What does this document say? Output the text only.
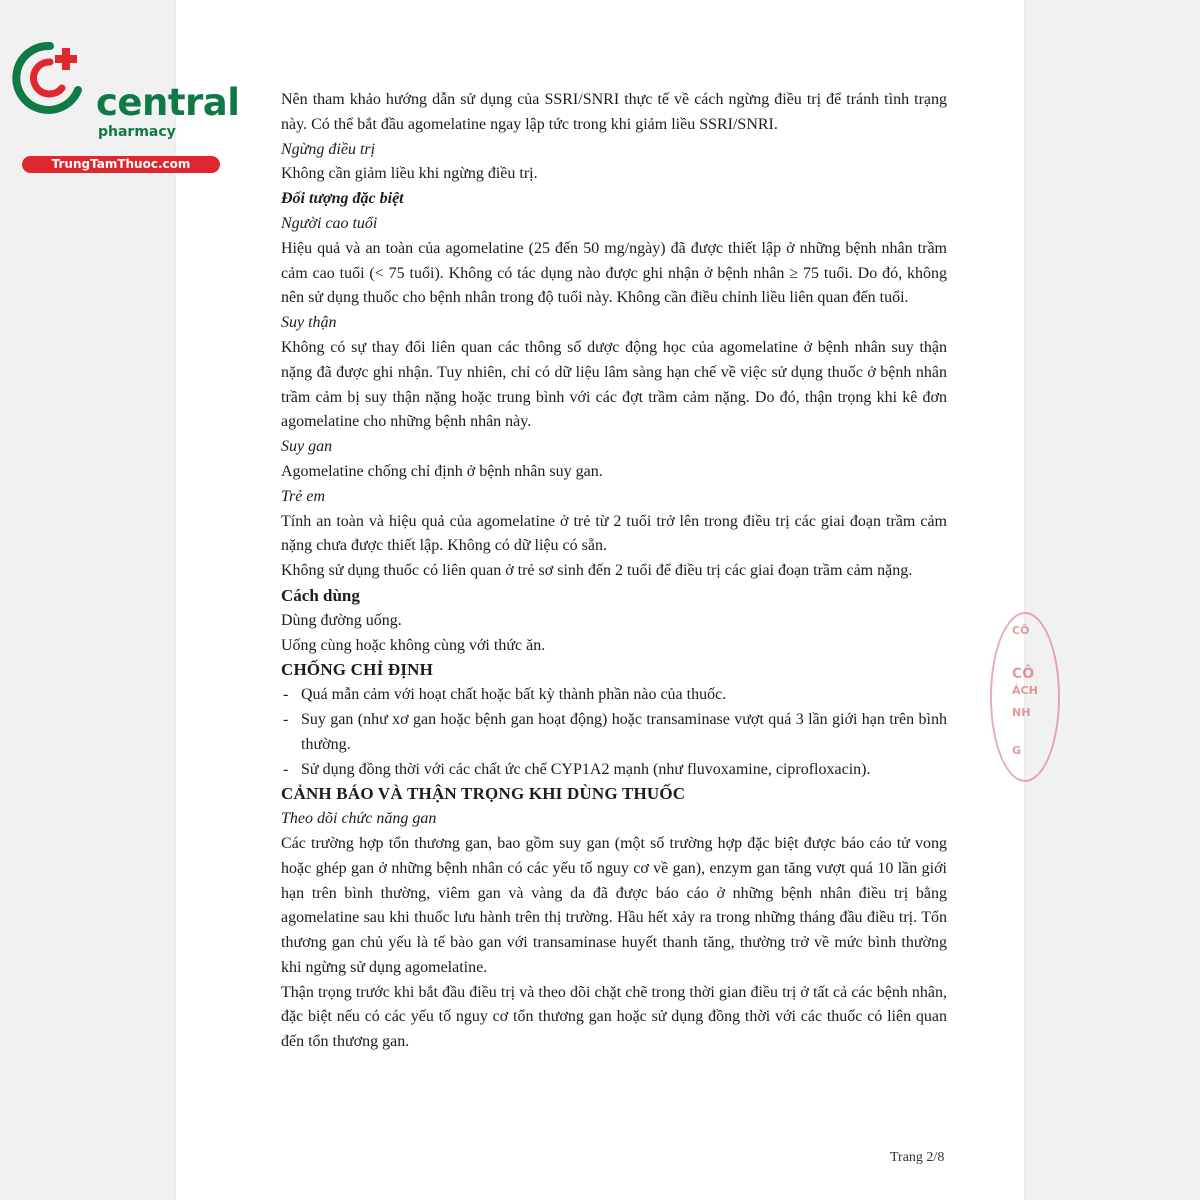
central
pharmacy
TrungTamThuoc.com

Nên tham khảo hướng dẫn sử dụng của SSRI/SNRI thực tế về cách ngừng điều trị để tránh tình trạng này. Có thể bắt đầu agomelatine ngay lập tức trong khi giảm liều SSRI/SNRI.

Ngừng điều trị

Không cần giảm liều khi ngừng điều trị.

Đối tượng đặc biệt

Người cao tuổi

Hiệu quả và an toàn của agomelatine (25 đến 50 mg/ngày) đã được thiết lập ở những bệnh nhân trầm cảm cao tuổi (< 75 tuổi). Không có tác dụng nào được ghi nhận ở bệnh nhân ≥ 75 tuổi. Do đó, không nên sử dụng thuốc cho bệnh nhân trong độ tuổi này. Không cần điều chỉnh liều liên quan đến tuổi.

Suy thận

Không có sự thay đổi liên quan các thông số dược động học của agomelatine ở bệnh nhân suy thận nặng đã được ghi nhận. Tuy nhiên, chỉ có dữ liệu lâm sàng hạn chế về việc sử dụng thuốc ở bệnh nhân trầm cảm bị suy thận nặng hoặc trung bình với các đợt trầm cảm nặng. Do đó, thận trọng khi kê đơn agomelatine cho những bệnh nhân này.

Suy gan

Agomelatine chống chỉ định ở bệnh nhân suy gan.

Trẻ em

Tính an toàn và hiệu quả của agomelatine ở trẻ từ 2 tuổi trở lên trong điều trị các giai đoạn trầm cảm nặng chưa được thiết lập. Không có dữ liệu có sẵn.

Không sử dụng thuốc có liên quan ở trẻ sơ sinh đến 2 tuổi để điều trị các giai đoạn trầm cảm nặng.

Cách dùng

Dùng đường uống.

Uống cùng hoặc không cùng với thức ăn.

CHỐNG CHỈ ĐỊNH

- Quá mẫn cảm với hoạt chất hoặc bất kỳ thành phần nào của thuốc.
- Suy gan (như xơ gan hoặc bệnh gan hoạt động) hoặc transaminase vượt quá 3 lần giới hạn trên bình thường.
- Sử dụng đồng thời với các chất ức chế CYP1A2 mạnh (như fluvoxamine, ciprofloxacin).

CẢNH BÁO VÀ THẬN TRỌNG KHI DÙNG THUỐC

Theo dõi chức năng gan

Các trường hợp tổn thương gan, bao gồm suy gan (một số trường hợp đặc biệt được báo cáo tử vong hoặc ghép gan ở những bệnh nhân có các yếu tố nguy cơ về gan), enzym gan tăng vượt quá 10 lần giới hạn trên bình thường, viêm gan và vàng da đã được báo cáo ở những bệnh nhân điều trị bằng agomelatine sau khi thuốc lưu hành trên thị trường. Hầu hết xảy ra trong những tháng đầu điều trị. Tổn thương gan chủ yếu là tế bào gan với transaminase huyết thanh tăng, thường trở về mức bình thường khi ngừng sử dụng agomelatine.

Thận trọng trước khi bắt đầu điều trị và theo dõi chặt chẽ trong thời gian điều trị ở tất cả các bệnh nhân, đặc biệt nếu có các yếu tố nguy cơ tổn thương gan hoặc sử dụng đồng thời với các thuốc có liên quan đến tổn thương gan.

CÔ
CÔ
ÁCH
NH
G
Trang 2/8
